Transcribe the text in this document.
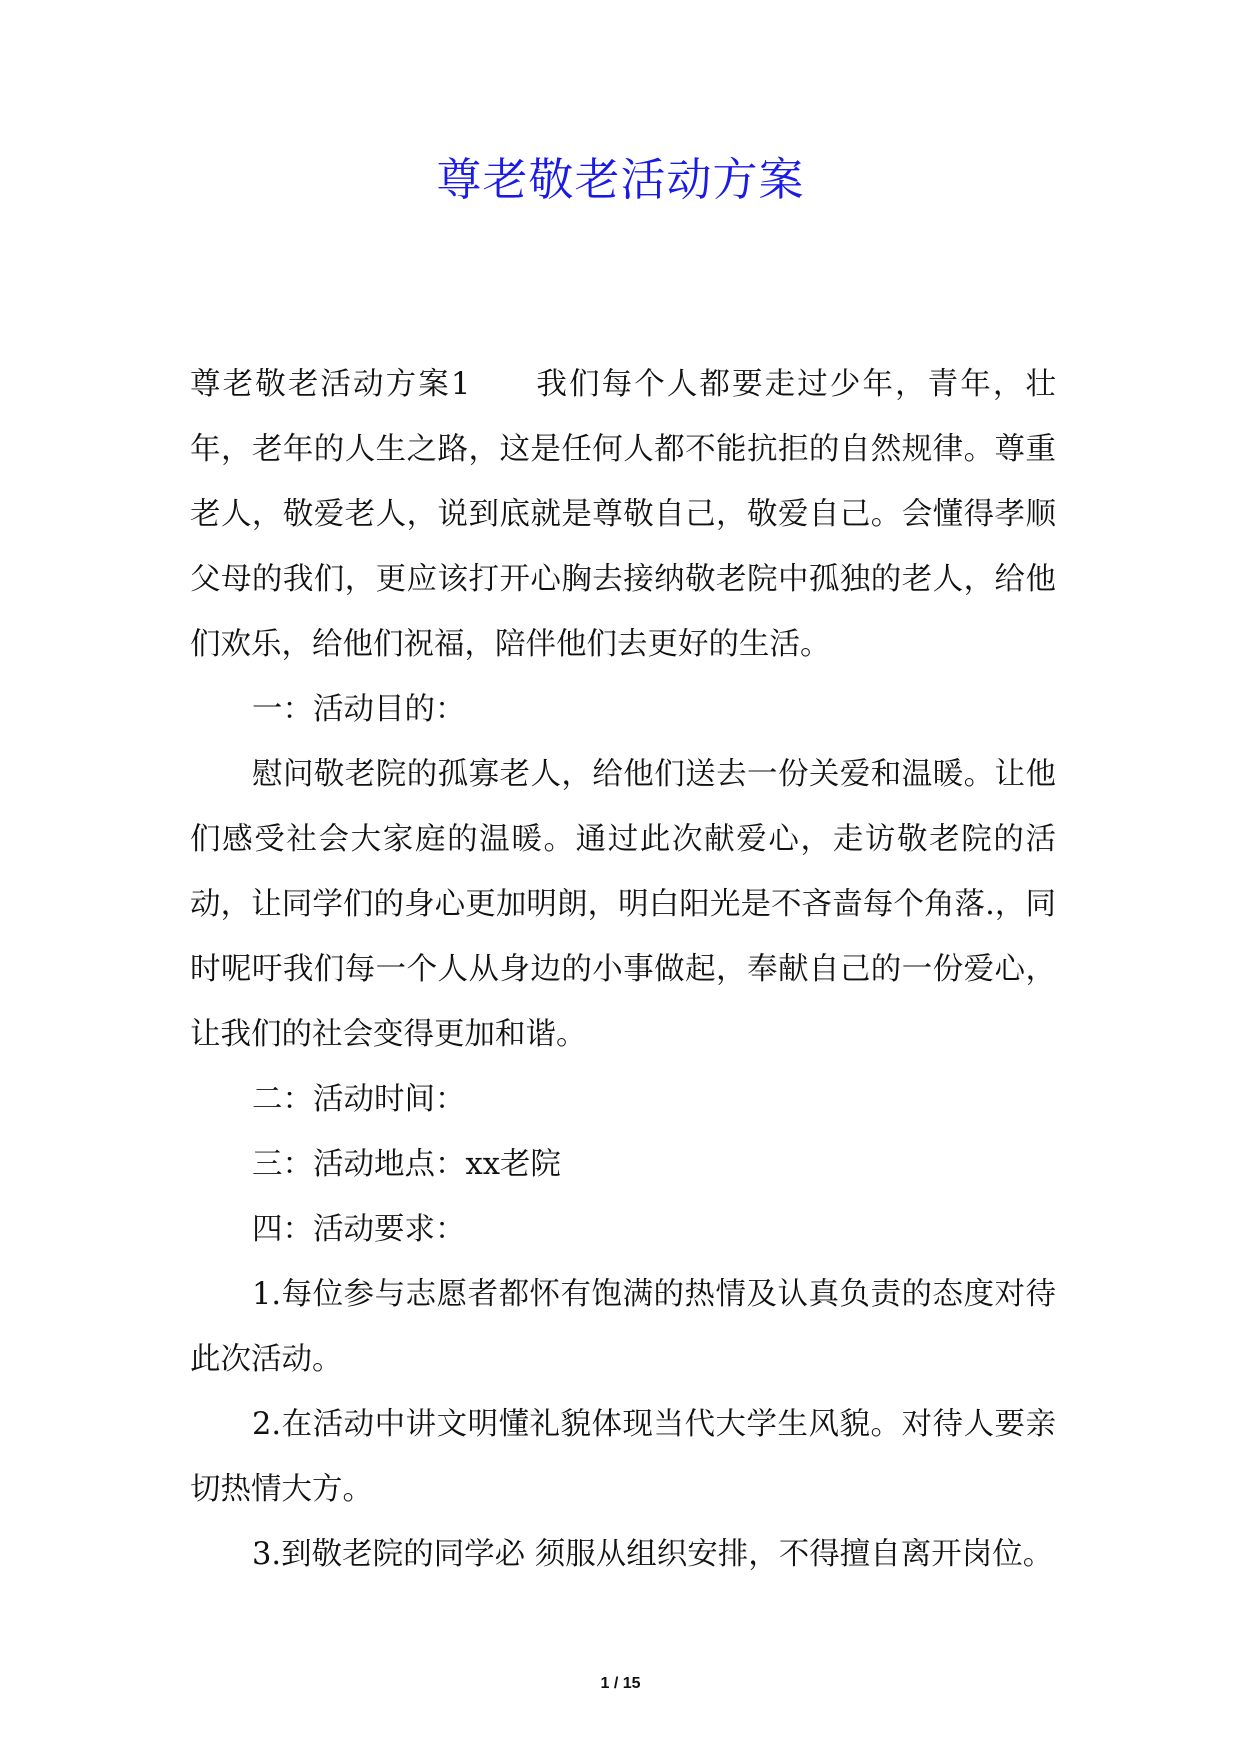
尊老敬老活动方案

尊老敬老活动方案1 我们每个人都要走过少年，青年，壮年，老年的人生之路，这是任何人都不能抗拒的自然规律。尊重老人，敬爱老人，说到底就是尊敬自己，敬爱自己。会懂得孝顺父母的我们，更应该打开心胸去接纳敬老院中孤独的老人，给他们欢乐，给他们祝福，陪伴他们去更好的生活。

一：活动目的：

慰问敬老院的孤寡老人，给他们送去一份关爱和温暖。让他们感受社会大家庭的温暖。通过此次献爱心，走访敬老院的活动，让同学们的身心更加明朗，明白阳光是不吝啬每个角落.，同时呢吁我们每一个人从身边的小事做起，奉献自己的一份爱心，让我们的社会变得更加和谐。

二：活动时间：

三：活动地点：xx老院

四：活动要求：

1.每位参与志愿者都怀有饱满的热情及认真负责的态度对待此次活动。

2.在活动中讲文明懂礼貌体现当代大学生风貌。对待人要亲切热情大方。

3.到敬老院的同学必 须服从组织安排，不得擅自离开岗位。

1 / 15
